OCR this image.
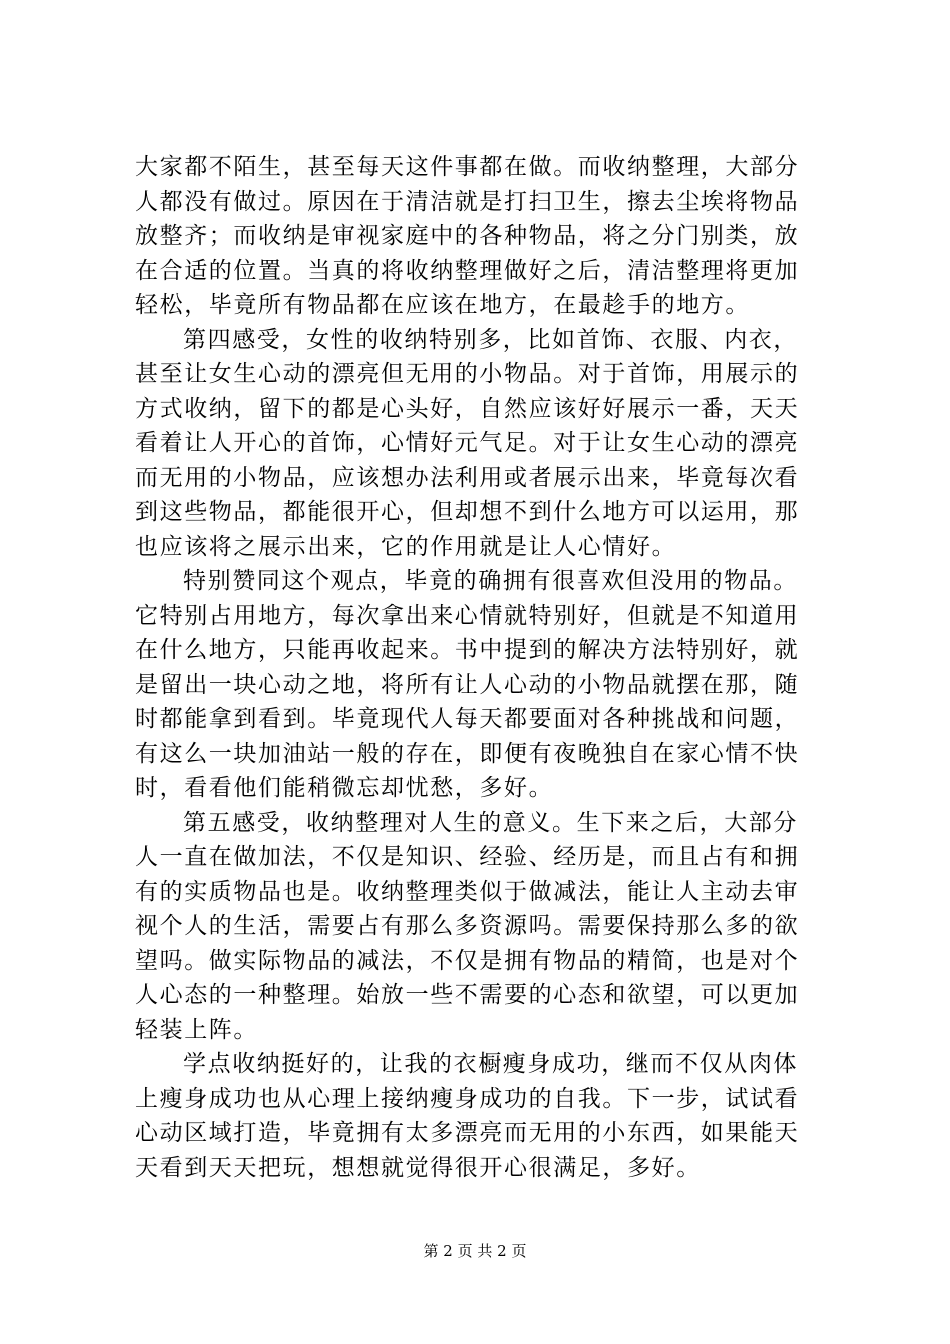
大家都不陌生，甚至每天这件事都在做。而收纳整理，大部分
人都没有做过。原因在于清洁就是打扫卫生，擦去尘埃将物品
放整齐；而收纳是审视家庭中的各种物品，将之分门别类，放
在合适的位置。当真的将收纳整理做好之后，清洁整理将更加
轻松，毕竟所有物品都在应该在地方，在最趁手的地方。
第四感受，女性的收纳特别多，比如首饰、衣服、内衣，
甚至让女生心动的漂亮但无用的小物品。对于首饰，用展示的
方式收纳，留下的都是心头好，自然应该好好展示一番，天天
看着让人开心的首饰，心情好元气足。对于让女生心动的漂亮
而无用的小物品，应该想办法利用或者展示出来，毕竟每次看
到这些物品，都能很开心，但却想不到什么地方可以运用，那
也应该将之展示出来，它的作用就是让人心情好。
特别赞同这个观点，毕竟的确拥有很喜欢但没用的物品。
它特别占用地方，每次拿出来心情就特别好，但就是不知道用
在什么地方，只能再收起来。书中提到的解决方法特别好，就
是留出一块心动之地，将所有让人心动的小物品就摆在那，随
时都能拿到看到。毕竟现代人每天都要面对各种挑战和问题，
有这么一块加油站一般的存在，即便有夜晚独自在家心情不快
时，看看他们能稍微忘却忧愁，多好。
第五感受，收纳整理对人生的意义。生下来之后，大部分
人一直在做加法，不仅是知识、经验、经历是，而且占有和拥
有的实质物品也是。收纳整理类似于做减法，能让人主动去审
视个人的生活，需要占有那么多资源吗。需要保持那么多的欲
望吗。做实际物品的减法，不仅是拥有物品的精简，也是对个
人心态的一种整理。始放一些不需要的心态和欲望，可以更加
轻装上阵。
学点收纳挺好的，让我的衣橱瘦身成功，继而不仅从肉体
上瘦身成功也从心理上接纳瘦身成功的自我。下一步，试试看
心动区域打造，毕竟拥有太多漂亮而无用的小东西，如果能天
天看到天天把玩，想想就觉得很开心很满足，多好。
第 2 页 共 2 页
